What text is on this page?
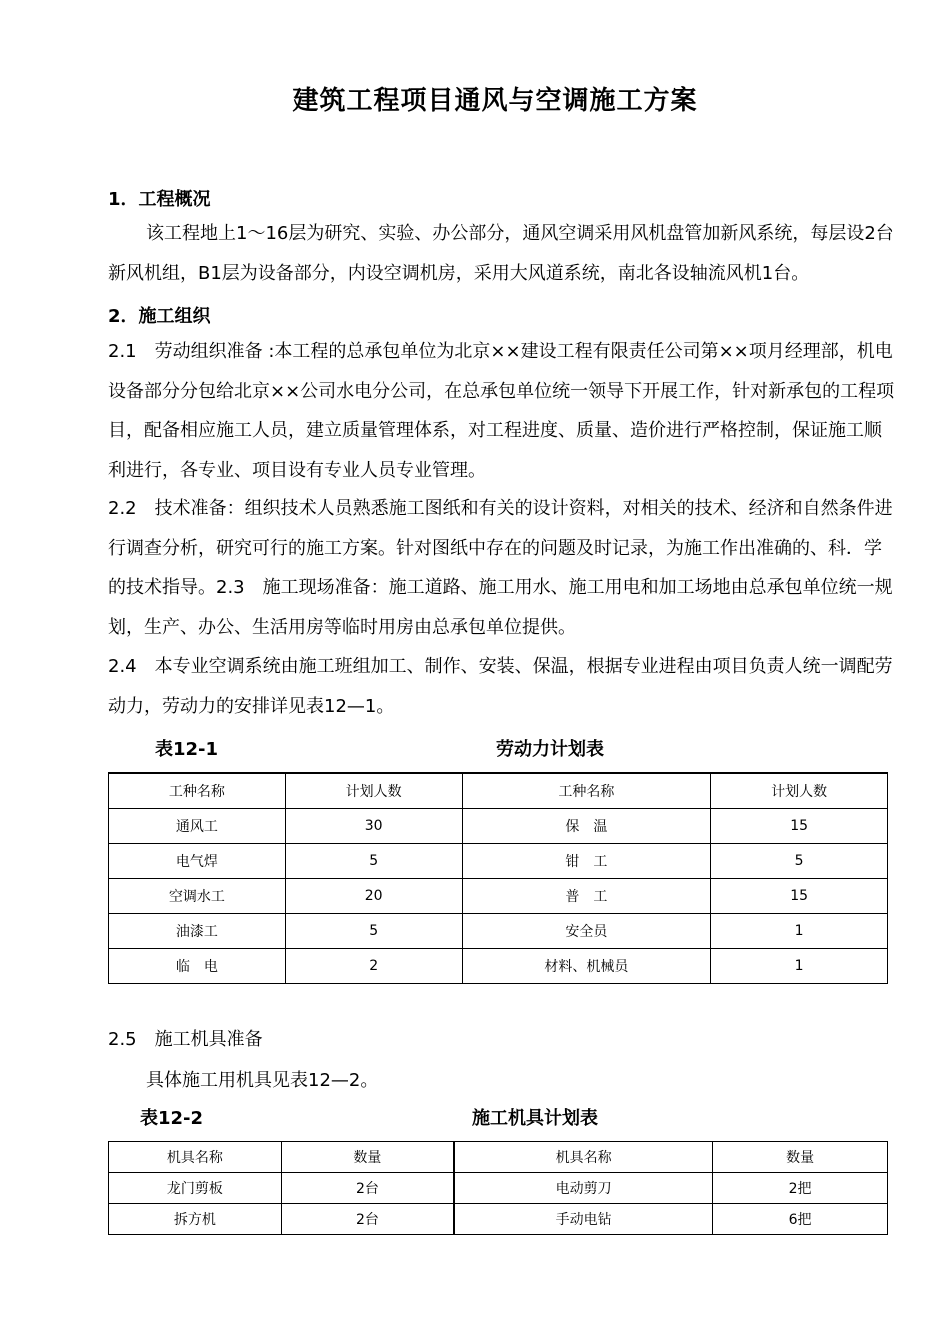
建筑工程项目通风与空调施工方案
1．工程概况
该工程地上1～16层为研究、实验、办公部分，通风空调采用风机盘管加新风系统，每层设2台新风机组，B1层为设备部分，内设空调机房，采用大风道系统，南北各设轴流风机1台。
2．施工组织
2.1　劳动组织准备 :本工程的总承包单位为北京××建设工程有限责任公司第××项月经理部，机电设备部分分包给北京××公司水电分公司，在总承包单位统一领导下开展工作，针对新承包的工程项目，配备相应施工人员，建立质量管理体系，对工程进度、质量、造价进行严格控制，保证施工顺利进行，各专业、项目设有专业人员专业管理。
2.2　技术准备：组织技术人员熟悉施工图纸和有关的设计资料，对相关的技术、经济和自然条件进行调查分析，研究可行的施工方案。针对图纸中存在的问题及时记录，为施工作出准确的、科．学的技术指导。2.3　施工现场准备：施工道路、施工用水、施工用电和加工场地由总承包单位统一规划，生产、办公、生活用房等临时用房由总承包单位提供。
2.4　本专业空调系统由施工班组加工、制作、安装、保温，根据专业进程由项目负责人统一调配劳动力，劳动力的安排详见表12—1。
表12-1	劳动力计划表
工种名称	计划人数	工种名称	计划人数
通风工	30	保　温	15
电气焊	5	钳　工	5
空调水工	20	普　工	15
油漆工	5	安全员	1
临　电	2	材料、机械员	1
2.5　施工机具准备
具体施工用机具见表12—2。
表12-2	施工机具计划表
机具名称	数量	机具名称	数量
龙门剪板	2台	电动剪刀	2把
拆方机	2台	手动电钻	6把
